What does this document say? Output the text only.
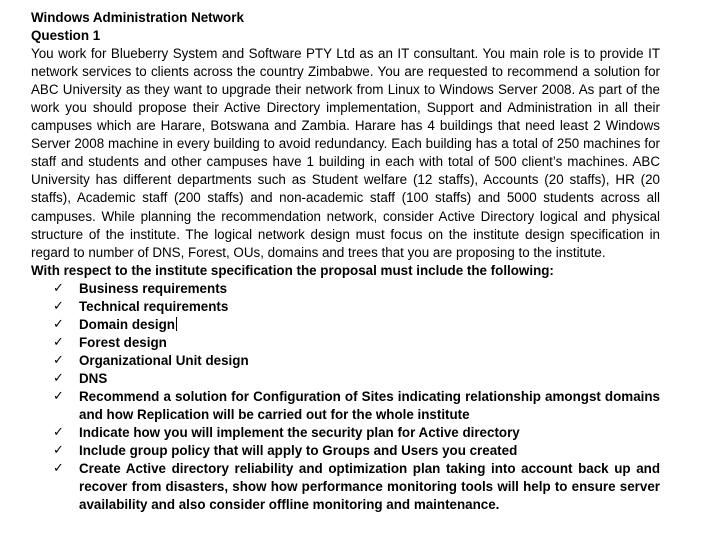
Windows Administration Network

Question 1

You work for Blueberry System and Software PTY Ltd as an IT consultant. You main role is to provide IT network services to clients across the country Zimbabwe. You are requested to recommend a solution for ABC University as they want to upgrade their network from Linux to Windows Server 2008. As part of the work you should propose their Active Directory implementation, Support and Administration in all their campuses which are Harare, Botswana and Zambia. Harare has 4 buildings that need least 2 Windows Server 2008 machine in every building to avoid redundancy. Each building has a total of 250 machines for staff and students and other campuses have 1 building in each with total of 500 client’s machines. ABC University has different departments such as Student welfare (12 staffs), Accounts (20 staffs), HR (20 staffs), Academic staff (200 staffs) and non-academic staff (100 staffs) and 5000 students across all campuses. While planning the recommendation network, consider Active Directory logical and physical structure of the institute. The logical network design must focus on the institute design specification in regard to number of DNS, Forest, OUs, domains and trees that you are proposing to the institute.

With respect to the institute specification the proposal must include the following:

✓ Business requirements
✓ Technical requirements
✓ Domain design
✓ Forest design
✓ Organizational Unit design
✓ DNS
✓ Recommend a solution for Configuration of Sites indicating relationship amongst domains and how Replication will be carried out for the whole institute
✓ Indicate how you will implement the security plan for Active directory
✓ Include group policy that will apply to Groups and Users you created
✓ Create Active directory reliability and optimization plan taking into account back up and recover from disasters, show how performance monitoring tools will help to ensure server availability and also consider offline monitoring and maintenance.
